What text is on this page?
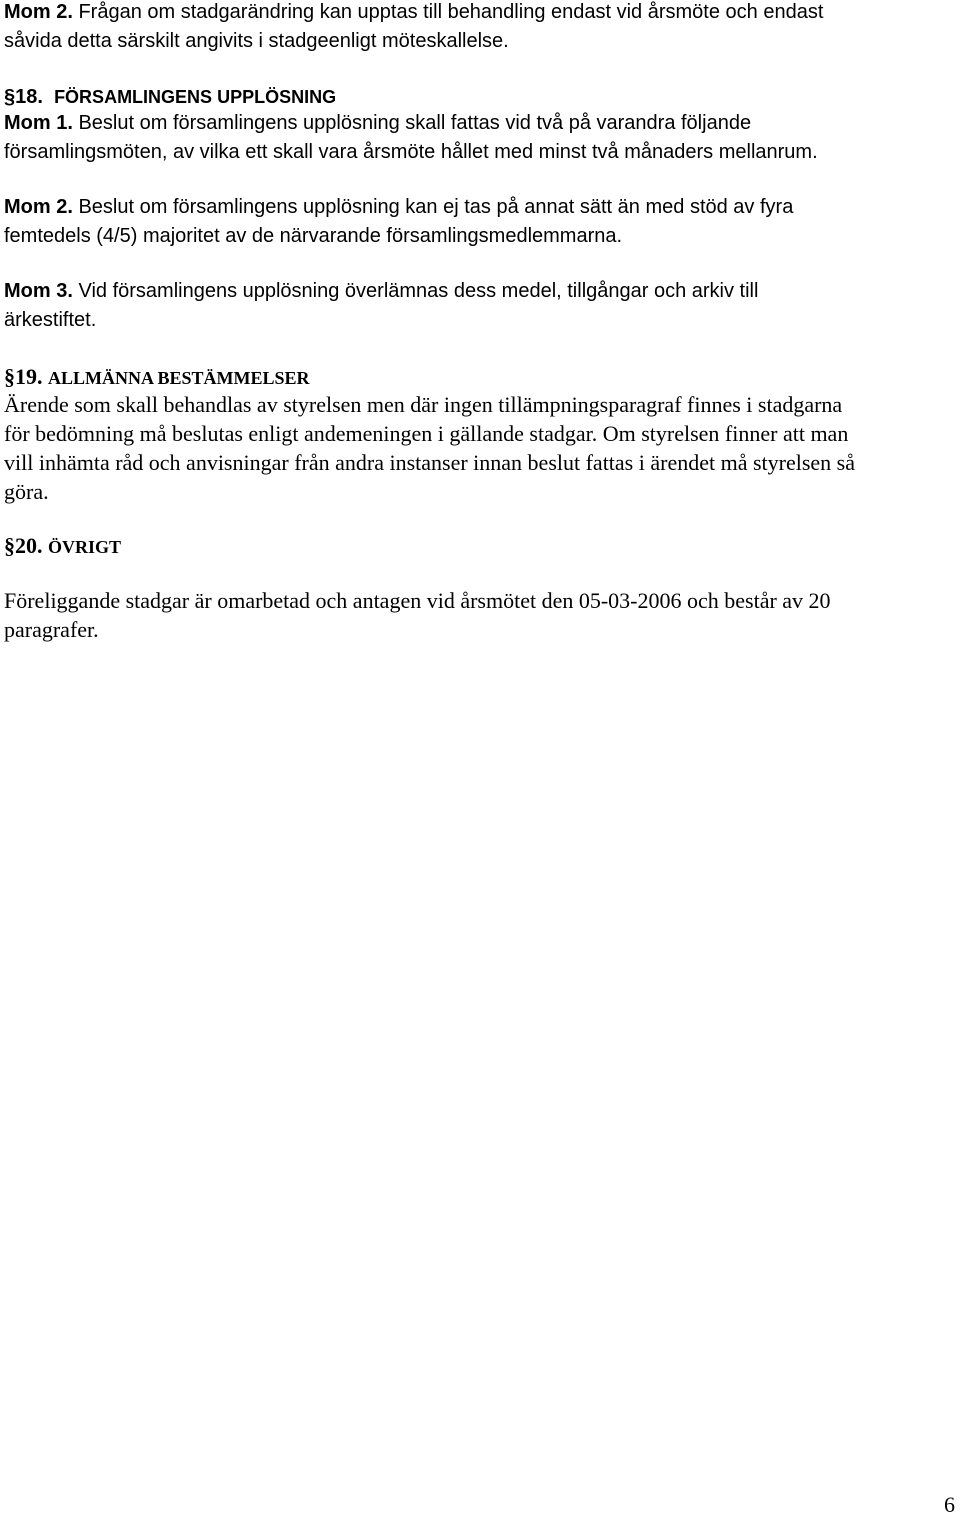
Mom 2. Frågan om stadgarändring kan upptas till behandling endast vid årsmöte och endast
såvida detta särskilt angivits i stadgeenligt möteskallelse.
§18. FÖRSAMLINGENS UPPLÖSNING
Mom 1. Beslut om församlingens upplösning skall fattas vid två på varandra följande
församlingsmöten, av vilka ett skall vara årsmöte hållet med minst två månaders mellanrum.
Mom 2. Beslut om församlingens upplösning kan ej tas på annat sätt än med stöd av fyra
femtedels (4/5) majoritet av de närvarande församlingsmedlemmarna.
Mom 3. Vid församlingens upplösning överlämnas dess medel, tillgångar och arkiv till
ärkestiftet.
§19. ALLMÄNNA BESTÄMMELSER
Ärende som skall behandlas av styrelsen men där ingen tillämpningsparagraf finnes i stadgarna
för bedömning må beslutas enligt andemeningen i gällande stadgar. Om styrelsen finner att man
vill inhämta råd och anvisningar från andra instanser innan beslut fattas i ärendet må styrelsen så
göra.
§20. ÖVRIGT
Föreliggande stadgar är omarbetad och antagen vid årsmötet den 05-03-2006 och består av 20
paragrafer.
6
